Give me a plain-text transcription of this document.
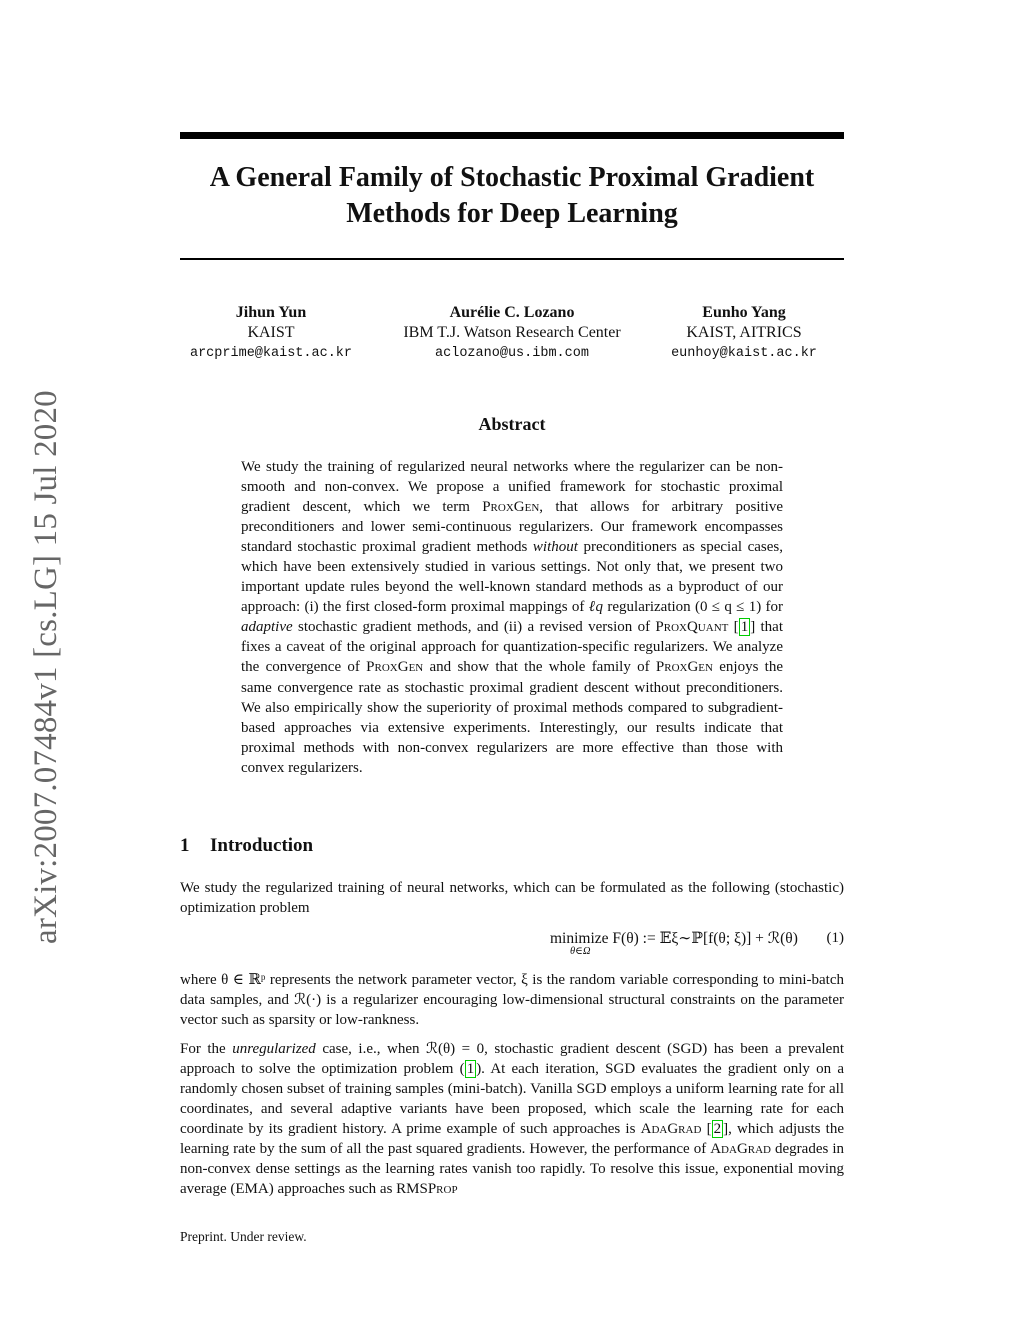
arXiv:2007.07484v1 [cs.LG] 15 Jul 2020
A General Family of Stochastic Proximal Gradient Methods for Deep Learning
Jihun Yun
KAIST
arcprime@kaist.ac.kr
Aurélie C. Lozano
IBM T.J. Watson Research Center
aclozano@us.ibm.com
Eunho Yang
KAIST, AITRICS
eunhoy@kaist.ac.kr
Abstract

We study the training of regularized neural networks where the regularizer can be non-smooth and non-convex. We propose a unified framework for stochastic proximal gradient descent, which we term ProxGen, that allows for arbitrary positive preconditioners and lower semi-continuous regularizers. Our framework encompasses standard stochastic proximal gradient methods without preconditioners as special cases, which have been extensively studied in various settings. Not only that, we present two important update rules beyond the well-known standard methods as a byproduct of our approach: (i) the first closed-form proximal mappings of ℓq regularization (0 ≤ q ≤ 1) for adaptive stochastic gradient methods, and (ii) a revised version of ProxQuant [ 1 ] that fixes a caveat of the original approach for quantization-specific regularizers. We analyze the convergence of ProxGen and show that the whole family of ProxGen enjoys the same convergence rate as stochastic proximal gradient descent without preconditioners. We also empirically show the superiority of proximal methods compared to subgradient-based approaches via extensive experiments. Interestingly, our results indicate that proximal methods with non-convex regularizers are more effective than those with convex regularizers.

1 Introduction

We study the regularized training of neural networks, which can be formulated as the following (stochastic) optimization problem

minimize F(θ) := 𝔼ξ∼ℙ[f(θ; ξ)] + ℛ(θ)
θ∈Ω
(1)

where θ ∈ ℝᵖ represents the network parameter vector, ξ is the random variable corresponding to mini-batch data samples, and ℛ(·) is a regularizer encouraging low-dimensional structural constraints on the parameter vector such as sparsity or low-rankness.

For the unregularized case, i.e., when ℛ(θ) = 0, stochastic gradient descent (SGD) has been a prevalent approach to solve the optimization problem ( 1 ). At each iteration, SGD evaluates the gradient only on a randomly chosen subset of training samples (mini-batch). Vanilla SGD employs a uniform learning rate for all coordinates, and several adaptive variants have been proposed, which scale the learning rate for each coordinate by its gradient history. A prime example of such approaches is AdaGrad [ 2 ], which adjusts the learning rate by the sum of all the past squared gradients. However, the performance of AdaGrad degrades in non-convex dense settings as the learning rates vanish too rapidly. To resolve this issue, exponential moving average (EMA) approaches such as RMSProp

Preprint. Under review.
